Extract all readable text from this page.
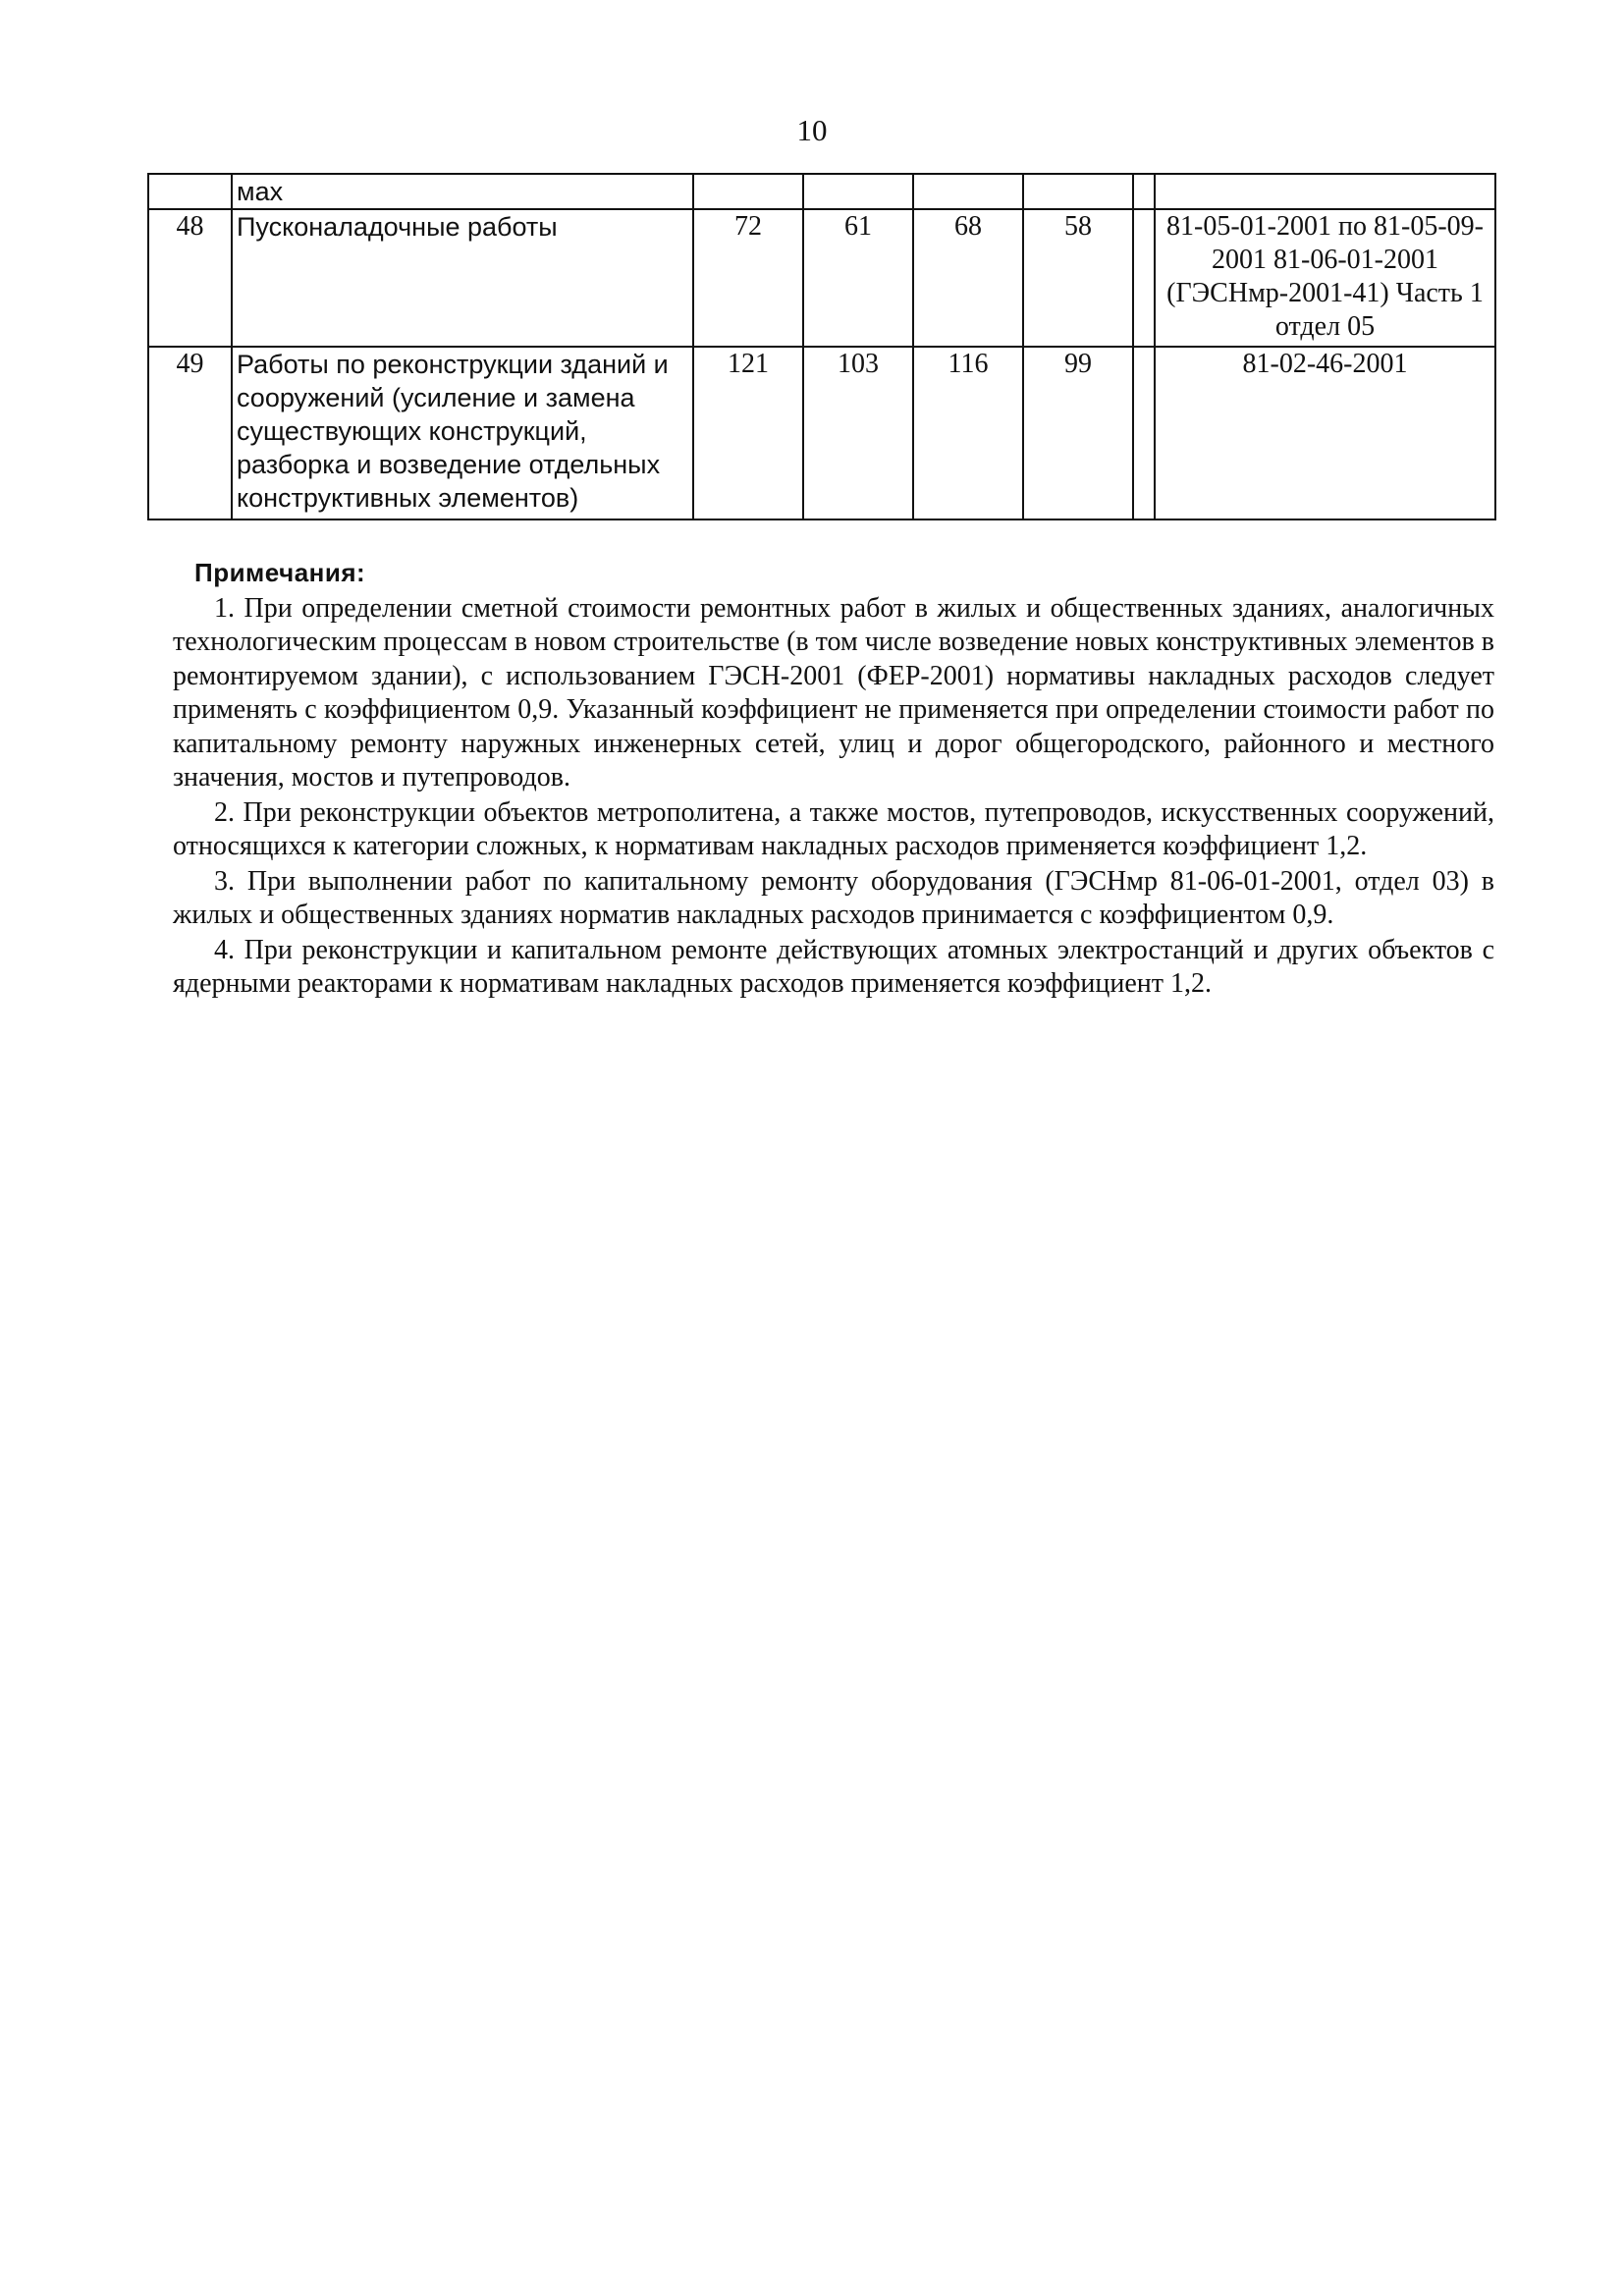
10
	мах						
48	Пусконаладочные работы	72	61	68	58		81-05-01-2001 по 81-05-09-2001 81-06-01-2001 (ГЭСНмр-2001-41) Часть 1 отдел 05
49	Работы по реконструкции зданий и сооружений (усиление и замена существующих конструкций, разборка и возведение отдельных конструктивных элементов)	121	103	116	99		81-02-46-2001
Примечания:

1. При определении сметной стоимости ремонтных работ в жилых и общественных зданиях, аналогичных технологическим процессам в новом строительстве (в том числе возведение новых конструктивных элементов в ремонтируемом здании), с использованием ГЭСН-2001 (ФЕР-2001) нормативы накладных расходов следует применять с коэффициентом 0,9. Указанный коэффициент не применяется при определении стоимости работ по капитальному ремонту наружных инженерных сетей, улиц и дорог общегородского, районного и местного значения, мостов и путепроводов.

2. При реконструкции объектов метрополитена, а также мостов, путепроводов, искусственных сооружений, относящихся к категории сложных, к нормативам накладных расходов применяется коэффициент 1,2.

3. При выполнении работ по капитальному ремонту оборудования (ГЭСНмр 81-06-01-2001, отдел 03) в жилых и общественных зданиях норматив накладных расходов принимается с коэффициентом 0,9.

4. При реконструкции и капитальном ремонте действующих атомных электростанций и других объектов с ядерными реакторами к нормативам накладных расходов применяется коэффициент 1,2.
